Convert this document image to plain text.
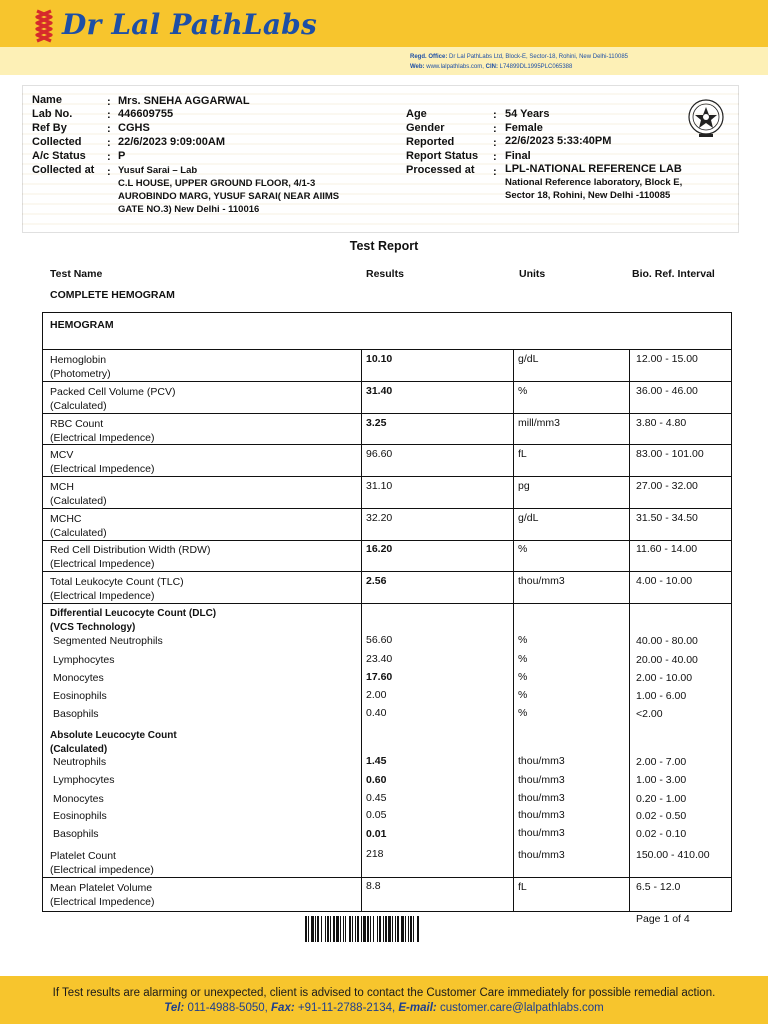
Dr Lal PathLabs
Regd. Office: Dr Lal PathLabs Ltd, Block-E, Sector-18, Rohini, New Delhi-110085
Web: www.lalpathlabs.com, CIN: L74899DL1995PLC065388
Name	: Mrs. SNEHA AGGARWAL
Lab No.	: 446609755
Ref By	: CGHS
Collected : 22/6/2023 9:09:00AM
A/c Status : P
Collected at : Yusuf Sarai – Lab
C.L HOUSE, UPPER GROUND FLOOR, 4/1-3
AUROBINDO MARG, YUSUF SARAI( NEAR AIIMS
GATE NO.3) New Delhi - 110016
Age	: 54 Years
Gender	: Female
Reported	: 22/6/2023 5:33:40PM
Report Status : Final
Processed at : LPL-NATIONAL REFERENCE LAB
National Reference laboratory, Block E,
Sector 18, Rohini, New Delhi -110085
Test Report
Test Name	Results	Units	Bio. Ref. Interval
COMPLETE HEMOGRAM
HEMOGRAM
Hemoglobin
(Photometry)
10.10	g/dL	12.00 - 15.00
Packed Cell Volume (PCV)
(Calculated)
31.40	%	36.00 - 46.00
RBC Count
(Electrical Impedence)
3.25	mill/mm3	3.80 - 4.80
MCV
(Electrical Impedence)
96.60	fL	83.00 - 101.00
MCH
(Calculated)
31.10	pg	27.00 - 32.00
MCHC
(Calculated)
32.20	g/dL	31.50 - 34.50
Red Cell Distribution Width (RDW)
(Electrical Impedence)
16.20	%	11.60 - 14.00
Total Leukocyte Count (TLC)
(Electrical Impedence)
2.56	thou/mm3	4.00 - 10.00
Differential Leucocyte Count (DLC)
(VCS Technology)
Segmented Neutrophils	56.60	%	40.00 - 80.00
Lymphocytes	23.40	%	20.00 - 40.00
Monocytes	17.60	%	2.00 - 10.00
Eosinophils	2.00	%	1.00 - 6.00
Basophils	0.40	%	<2.00
Absolute Leucocyte Count
(Calculated)
Neutrophils	1.45	thou/mm3	2.00 - 7.00
Lymphocytes	0.60	thou/mm3	1.00 - 3.00
Monocytes	0.45	thou/mm3	0.20 - 1.00
Eosinophils	0.05	thou/mm3	0.02 - 0.50
Basophils	0.01	thou/mm3	0.02 - 0.10
Platelet Count
(Electrical impedence)
218	thou/mm3	150.00 - 410.00
Mean Platelet Volume
(Electrical Impedence)
8.8	fL	6.5 - 12.0
Page 1 of 4
If Test results are alarming or unexpected, client is advised to contact the Customer Care immediately for possible remedial action.
Tel: 011-4988-5050, Fax: +91-11-2788-2134, E-mail: customer.care@lalpathlabs.com
